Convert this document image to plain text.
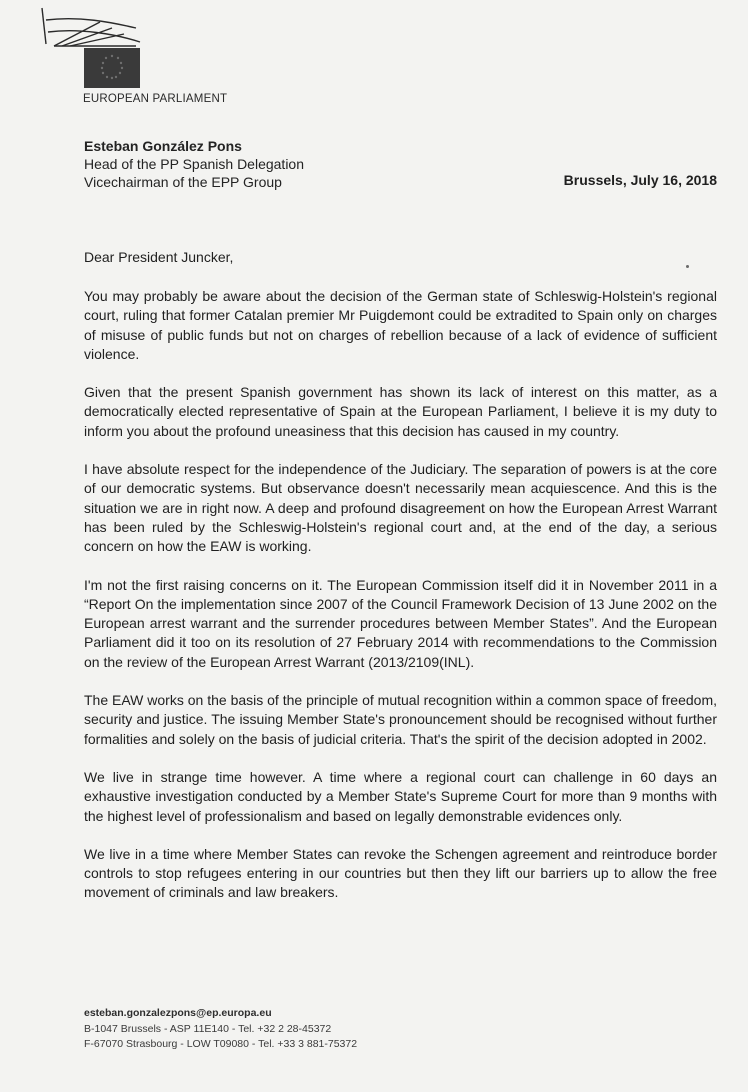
EUROPEAN PARLIAMENT
Esteban González Pons
Head of the PP Spanish Delegation
Vicechairman of the EPP Group	Brussels, July 16, 2018
Dear President Juncker,

You may probably be aware about the decision of the German state of Schleswig-Holstein's regional court, ruling that former Catalan premier Mr Puigdemont could be extradited to Spain only on charges of misuse of public funds but not on charges of rebellion because of a lack of evidence of sufficient violence.

Given that the present Spanish government has shown its lack of interest on this matter, as a democratically elected representative of Spain at the European Parliament, I believe it is my duty to inform you about the profound uneasiness that this decision has caused in my country.

I have absolute respect for the independence of the Judiciary. The separation of powers is at the core of our democratic systems. But observance doesn't necessarily mean acquiescence. And this is the situation we are in right now. A deep and profound disagreement on how the European Arrest Warrant has been ruled by the Schleswig-Holstein's regional court and, at the end of the day, a serious concern on how the EAW is working.

I'm not the first raising concerns on it. The European Commission itself did it in November 2011 in a “Report On the implementation since 2007 of the Council Framework Decision of 13 June 2002 on the European arrest warrant and the surrender procedures between Member States”. And the European Parliament did it too on its resolution of 27 February 2014 with recommendations to the Commission on the review of the European Arrest Warrant (2013/2109(INL).

The EAW works on the basis of the principle of mutual recognition within a common space of freedom, security and justice. The issuing Member State's pronouncement should be recognised without further formalities and solely on the basis of judicial criteria. That's the spirit of the decision adopted in 2002.

We live in strange time however. A time where a regional court can challenge in 60 days an exhaustive investigation conducted by a Member State's Supreme Court for more than 9 months with the highest level of professionalism and based on legally demonstrable evidences only.

We live in a time where Member States can revoke the Schengen agreement and reintroduce border controls to stop refugees entering in our countries but then they lift our barriers up to allow the free movement of criminals and law breakers.

esteban.gonzalezpons@ep.europa.eu
B-1047 Brussels - ASP 11E140 - Tel. +32 2 28-45372
F-67070 Strasbourg - LOW T09080 - Tel. +33 3 881-75372
